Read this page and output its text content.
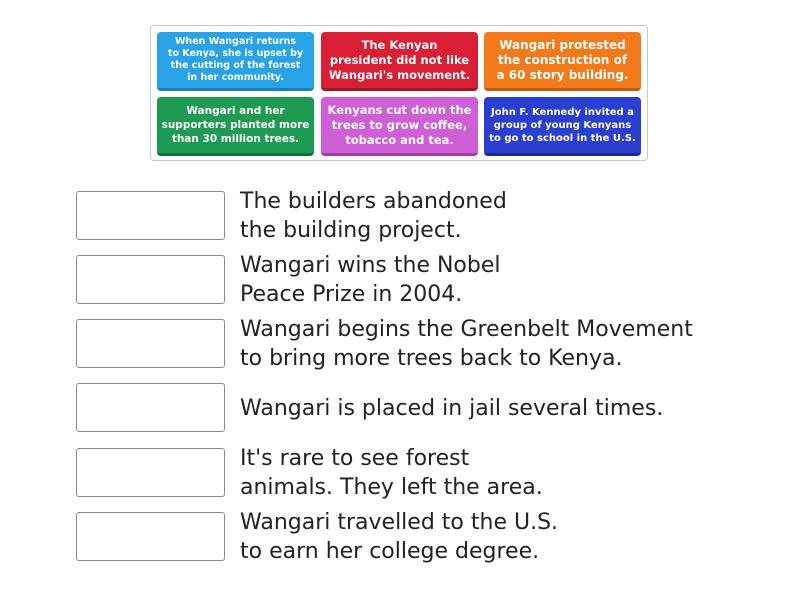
When Wangari returns
to Kenya, she is upset by
the cutting of the forest
in her community.
The Kenyan
president did not like
Wangari's movement.
Wangari protested
the construction of
a 60 story building.
Wangari and her
supporters planted more
than 30 million trees.
Kenyans cut down the
trees to grow coffee,
tobacco and tea.
John F. Kennedy invited a
group of young Kenyans
to go to school in the U.S.
The builders abandoned
the building project.
Wangari wins the Nobel
Peace Prize in 2004.
Wangari begins the Greenbelt Movement
to bring more trees back to Kenya.
Wangari is placed in jail several times.
It's rare to see forest
animals. They left the area.
Wangari travelled to the U.S.
to earn her college degree.
